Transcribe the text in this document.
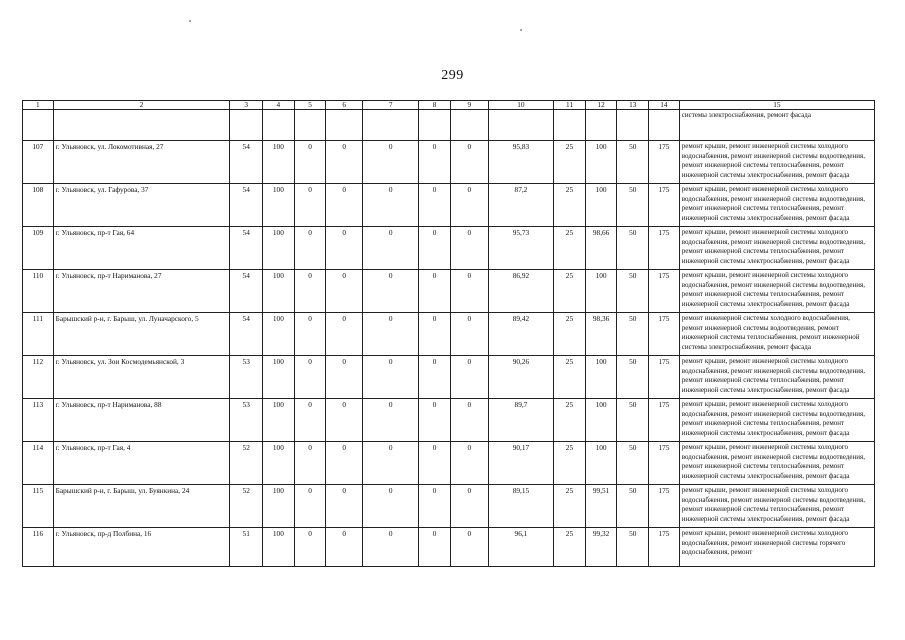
299
1	2	3	4	5	6	7	8	9	10	11	12	13	14	15
														системы электроснабжения, ремонт фасада
107	г. Ульяновск, ул. Локомотивная, 27	54	100	0	0	0	0	0	95,83	25	100	50	175	ремонт крыши, ремонт инженерной системы холодного водоснабжения, ремонт инженерной системы водоотведения, ремонт инженерной системы теплоснабжения, ремонт инженерной системы электроснабжения, ремонт фасада
108	г. Ульяновск, ул. Гафурова, 37	54	100	0	0	0	0	0	87,2	25	100	50	175	ремонт крыши, ремонт инженерной системы холодного водоснабжения, ремонт инженерной системы водоотведения, ремонт инженерной системы теплоснабжения, ремонт инженерной системы электроснабжения, ремонт фасада
109	г. Ульяновск, пр-т Гая, 64	54	100	0	0	0	0	0	95,73	25	98,66	50	175	ремонт крыши, ремонт инженерной системы холодного водоснабжения, ремонт инженерной системы водоотведения, ремонт инженерной системы теплоснабжения, ремонт инженерной системы электроснабжения, ремонт фасада
110	г. Ульяновск, пр-т Нариманова, 27	54	100	0	0	0	0	0	86,92	25	100	50	175	ремонт крыши, ремонт инженерной системы холодного водоснабжения, ремонт инженерной системы водоотведения, ремонт инженерной системы теплоснабжения, ремонт инженерной системы электроснабжения, ремонт фасада
111	Барышский р-н, г. Барыш, ул. Луначарского, 5	54	100	0	0	0	0	0	89,42	25	98,36	50	175	ремонт инженерной системы холодного водоснабжения, ремонт инженерной системы водоотведения, ремонт инженерной системы теплоснабжения, ремонт инженерной системы электроснабжения, ремонт фасада
112	г. Ульяновск, ул. Зои Космодемьянской, 3	53	100	0	0	0	0	0	90,26	25	100	50	175	ремонт крыши, ремонт инженерной системы холодного водоснабжения, ремонт инженерной системы водоотведения, ремонт инженерной системы теплоснабжения, ремонт инженерной системы электроснабжения, ремонт фасада
113	г. Ульяновск, пр-т Нариманова, 88	53	100	0	0	0	0	0	89,7	25	100	50	175	ремонт крыши, ремонт инженерной системы холодного водоснабжения, ремонт инженерной системы водоотведения, ремонт инженерной системы теплоснабжения, ремонт инженерной системы электроснабжения, ремонт фасада
114	г. Ульяновск, пр-т Гая, 4	52	100	0	0	0	0	0	90,17	25	100	50	175	ремонт крыши, ремонт инженерной системы холодного водоснабжения, ремонт инженерной системы водоотведения, ремонт инженерной системы теплоснабжения, ремонт инженерной системы электроснабжения, ремонт фасада
115	Барышский р-н, г. Барыш, ул. Буянкина, 24	52	100	0	0	0	0	0	89,15	25	99,51	50	175	ремонт крыши, ремонт инженерной системы холодного водоснабжения, ремонт инженерной системы водоотведения, ремонт инженерной системы теплоснабжения, ремонт инженерной системы электроснабжения, ремонт фасада
116	г. Ульяновск, пр-д Полбина, 16	51	100	0	0	0	0	0	96,1	25	99,32	50	175	ремонт крыши, ремонт инженерной системы холодного водоснабжения, ремонт инженерной системы горячего водоснабжения, ремонт
